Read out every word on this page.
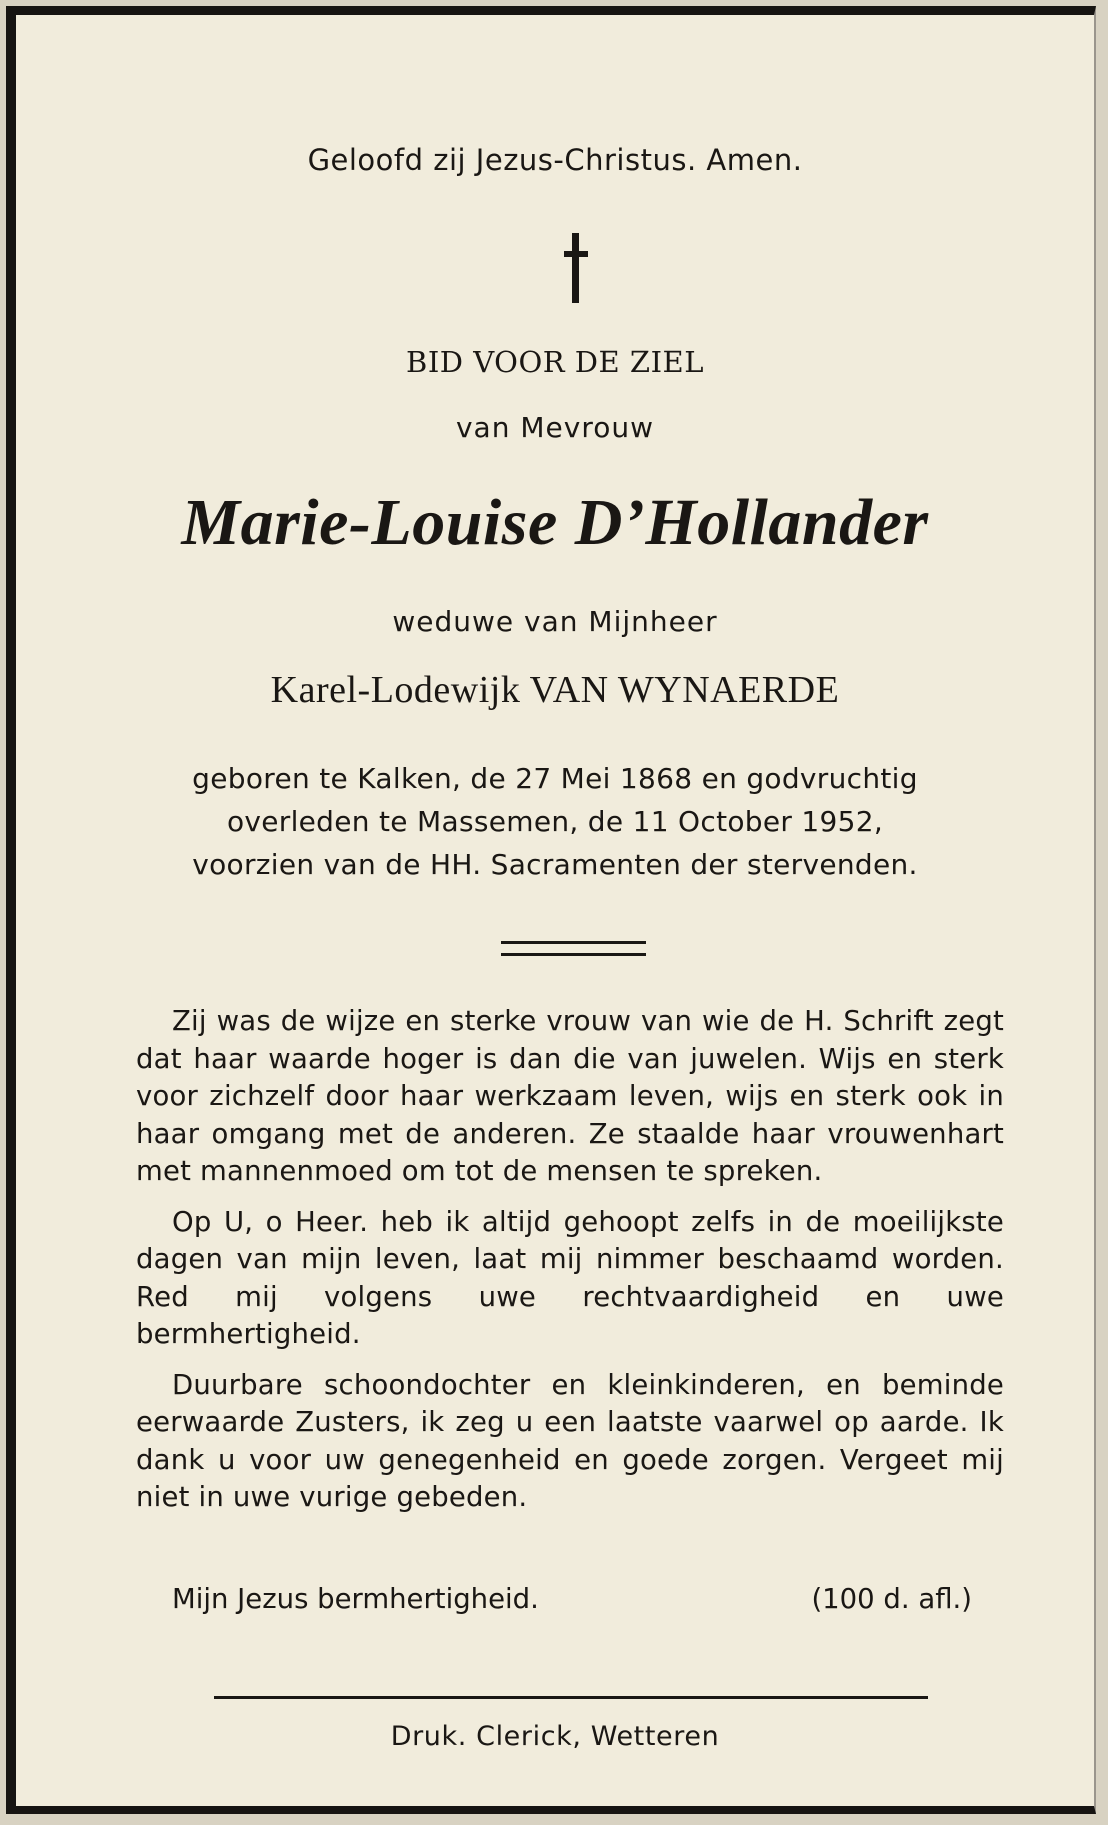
Geloofd zij Jezus-Christus. Amen.
BID VOOR DE ZIEL
van Mevrouw
Marie-Louise D’Hollander
weduwe van Mijnheer
Karel-Lodewijk VAN WYNAERDE
geboren te Kalken, de 27 Mei 1868 en godvruchtig
overleden te Massemen, de 11 October 1952,
voorzien van de HH. Sacramenten der stervenden.

Zij was de wijze en sterke vrouw van wie de H. Schrift zegt dat haar waarde hoger is dan die van juwelen. Wijs en sterk voor zichzelf door haar werkzaam leven, wijs en sterk ook in haar omgang met de anderen. Ze staalde haar vrouwenhart met mannenmoed om tot de mensen te spreken.

Op U, o Heer. heb ik altijd gehoopt zelfs in de moeilijkste dagen van mijn leven, laat mij nimmer beschaamd worden. Red mij volgens uwe rechtvaardigheid en uwe bermhertigheid.

Duurbare schoondochter en kleinkinderen, en beminde eerwaarde Zusters, ik zeg u een laatste vaarwel op aarde. Ik dank u voor uw genegenheid en goede zorgen. Vergeet mij niet in uwe vurige gebeden.

Mijn Jezus bermhertigheid.	(100 d. afl.)
Druk. Clerick, Wetteren
